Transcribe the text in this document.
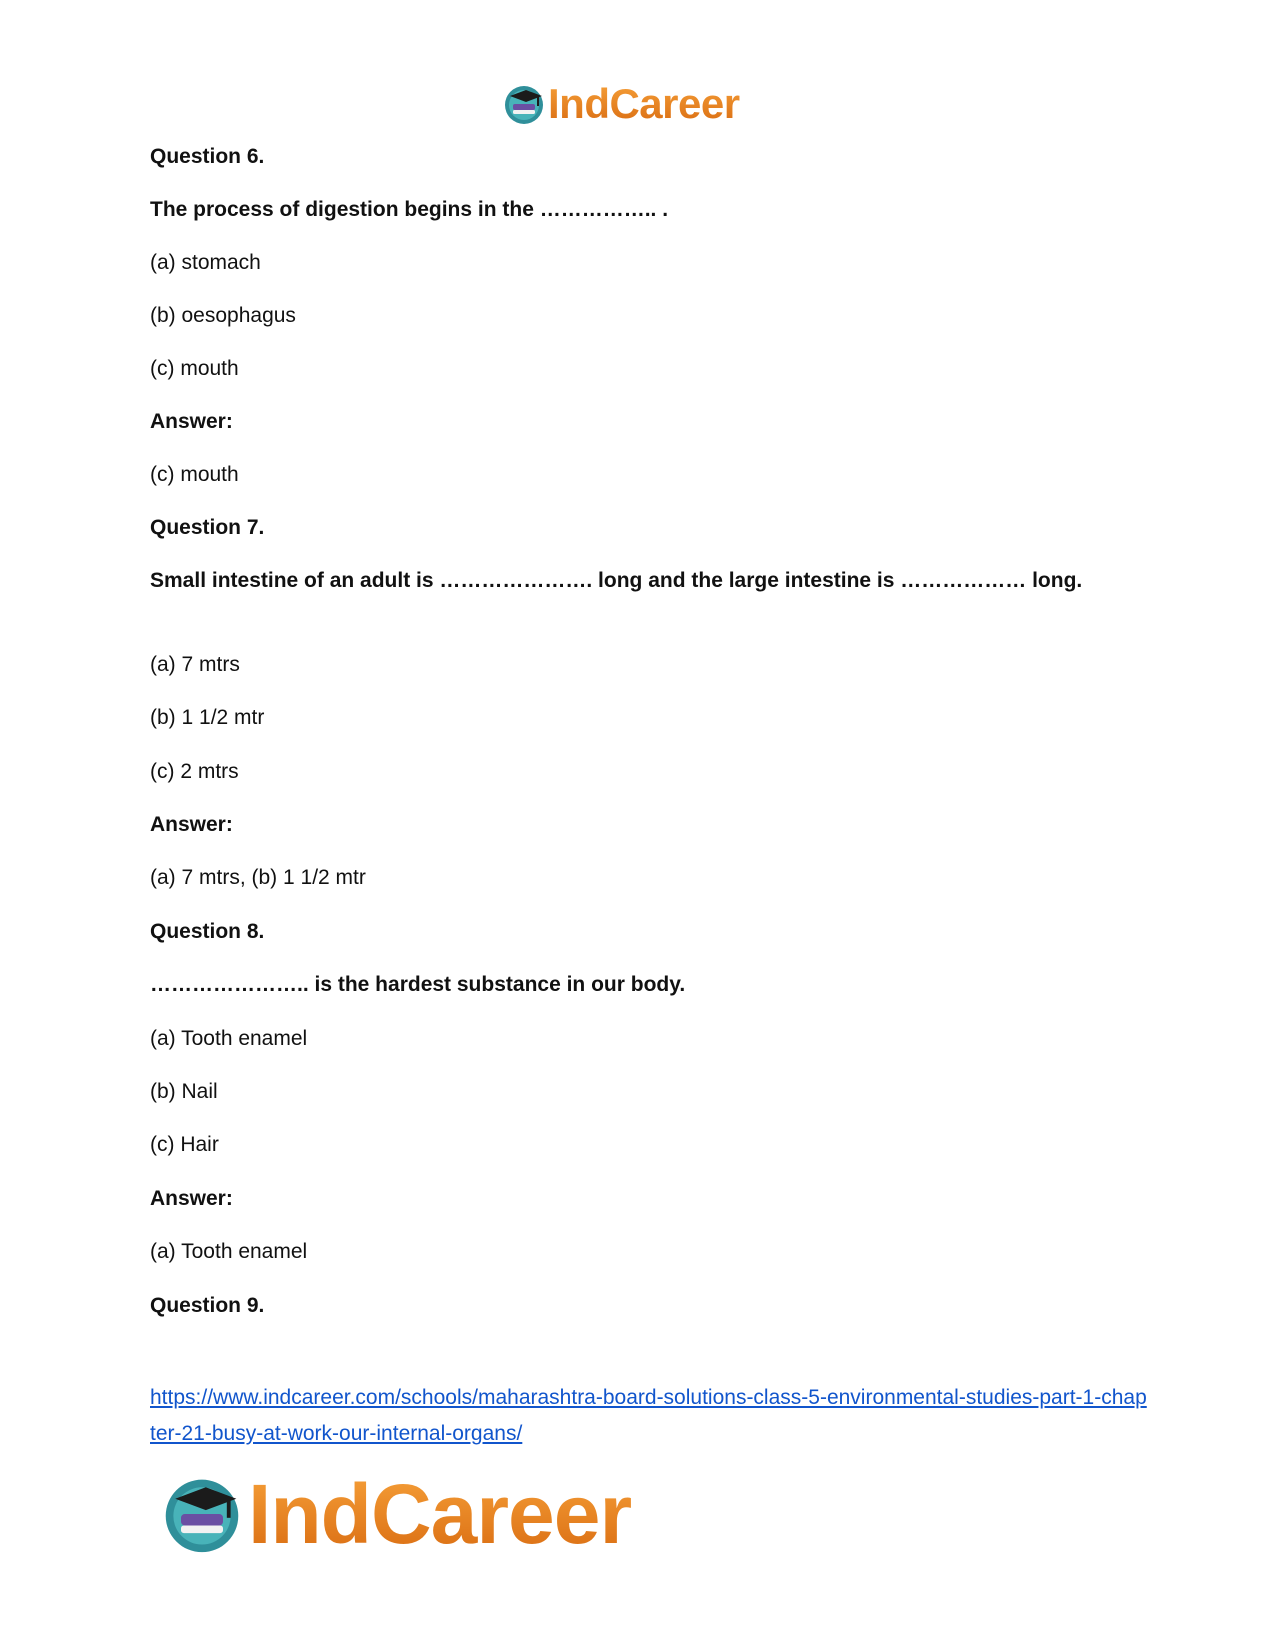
IndCareer
Question 6.
The process of digestion begins in the …………….. .
(a) stomach
(b) oesophagus
(c) mouth
Answer:
(c) mouth
Question 7.
Small intestine of an adult is …………………. long and the large intestine is ……………… long.
(a) 7 mtrs
(b) 1 1/2 mtr
(c) 2 mtrs
Answer:
(a) 7 mtrs, (b) 1 1/2 mtr
Question 8.
………………….. is the hardest substance in our body.
(a) Tooth enamel
(b) Nail
(c) Hair
Answer:
(a) Tooth enamel
Question 9.
https://www.indcareer.com/schools/maharashtra-board-solutions-class-5-environmental-studies-part-1-chapter-21-busy-at-work-our-internal-organs/
IndCareer
